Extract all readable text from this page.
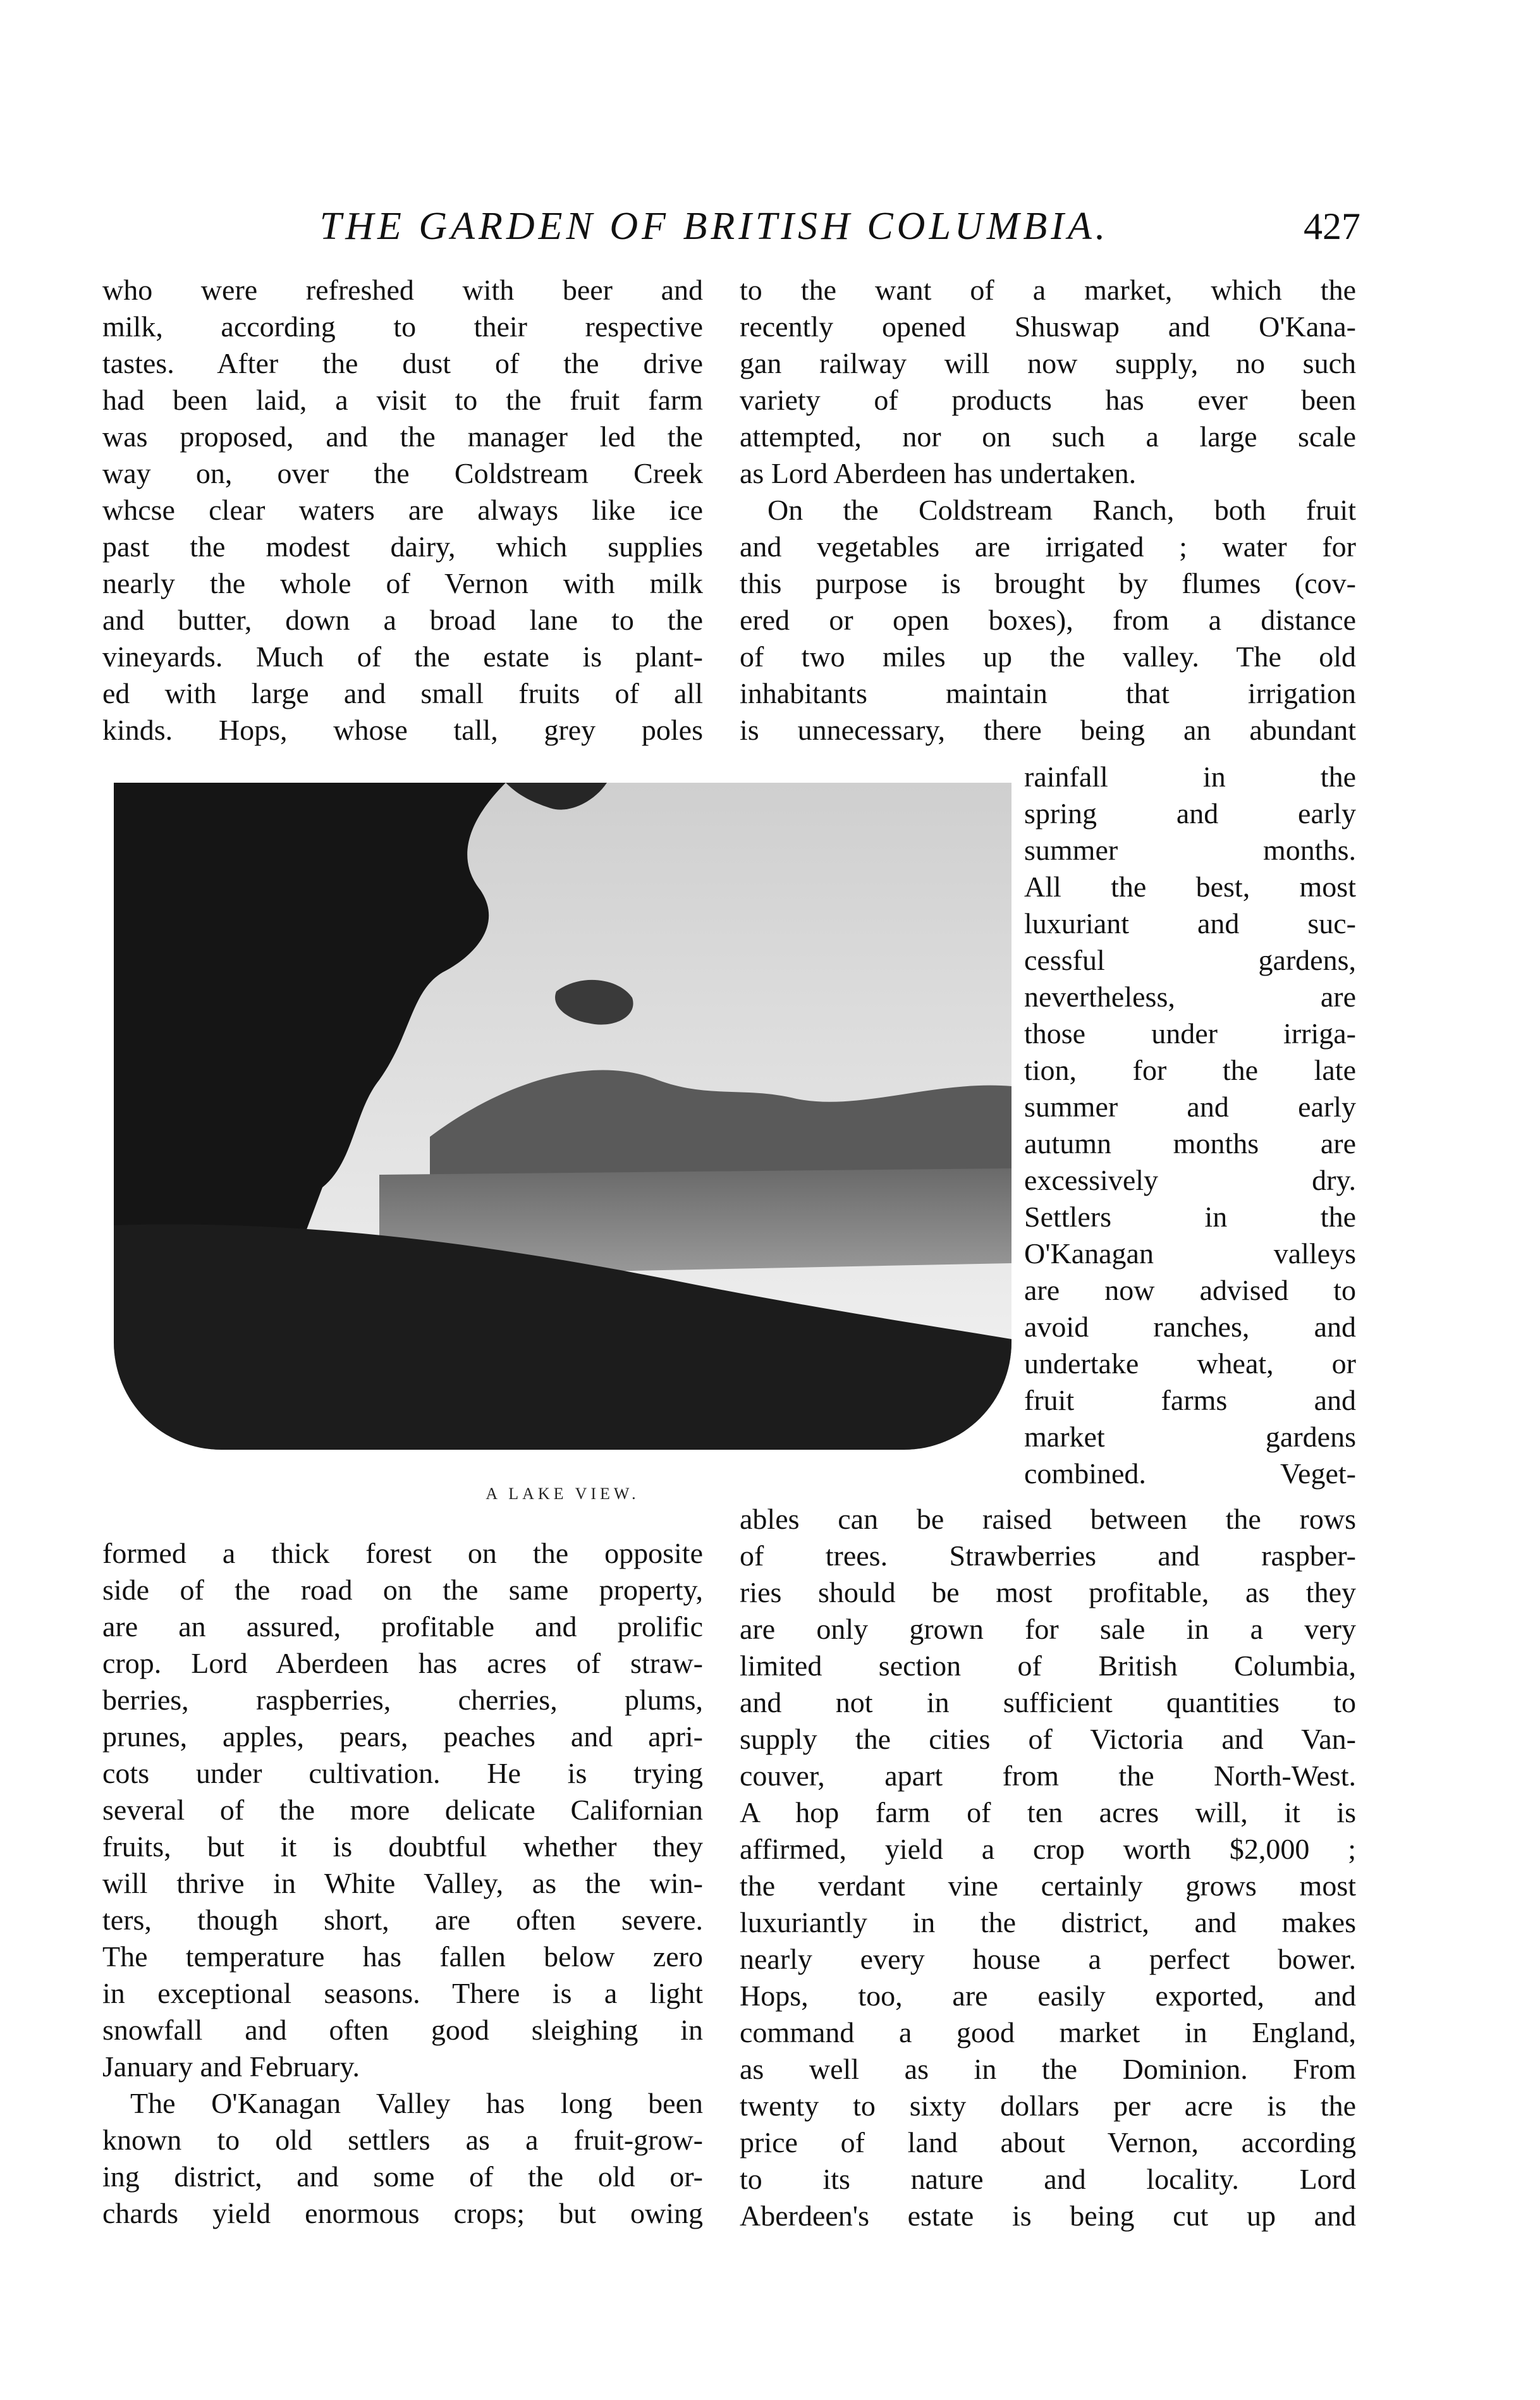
THE GARDEN OF BRITISH COLUMBIA.	427

who were refreshed with beer and

milk, according to their respective

tastes. After the dust of the drive

had been laid, a visit to the fruit farm

was proposed, and the manager led the

way on, over the Coldstream Creek

whcse clear waters are always like ice

past the modest dairy, which supplies

nearly the whole of Vernon with milk

and butter, down a broad lane to the

vineyards. Much of the estate is plant-

ed with large and small fruits of all

kinds. Hops, whose tall, grey poles

to the want of a market, which the

recently opened Shuswap and O'Kana-

gan railway will now supply, no such

variety of products has ever been

attempted, nor on such a large scale

as Lord Aberdeen has undertaken.

On the Coldstream Ranch, both fruit

and vegetables are irrigated ; water for

this purpose is brought by flumes (cov-

ered or open boxes), from a distance

of two miles up the valley. The old

inhabitants maintain that irrigation

is unnecessary, there being an abundant

rainfall in the

spring and early

summer months.

All the best, most

luxuriant and suc-

cessful gardens,

nevertheless, are

those under irriga-

tion, for the late

summer and early

autumn months are

excessively dry.

Settlers in the

O'Kanagan valleys

are now advised to

avoid ranches, and

undertake wheat, or

fruit farms and

market gardens

combined. Veget-

A LAKE VIEW.

formed a thick forest on the opposite

side of the road on the same property,

are an assured, profitable and prolific

crop. Lord Aberdeen has acres of straw-

berries, raspberries, cherries, plums,

prunes, apples, pears, peaches and apri-

cots under cultivation. He is trying

several of the more delicate Californian

fruits, but it is doubtful whether they

will thrive in White Valley, as the win-

ters, though short, are often severe.

The temperature has fallen below zero

in exceptional seasons. There is a light

snowfall and often good sleighing in

January and February.

The O'Kanagan Valley has long been

known to old settlers as a fruit-grow-

ing district, and some of the old or-

chards yield enormous crops; but owing

ables can be raised between the rows

of trees. Strawberries and raspber-

ries should be most profitable, as they

are only grown for sale in a very

limited section of British Columbia,

and not in sufficient quantities to

supply the cities of Victoria and Van-

couver, apart from the North-West.

A hop farm of ten acres will, it is

affirmed, yield a crop worth $2,000 ;

the verdant vine certainly grows most

luxuriantly in the district, and makes

nearly every house a perfect bower.

Hops, too, are easily exported, and

command a good market in England,

as well as in the Dominion. From

twenty to sixty dollars per acre is the

price of land about Vernon, according

to its nature and locality. Lord

Aberdeen's estate is being cut up and
